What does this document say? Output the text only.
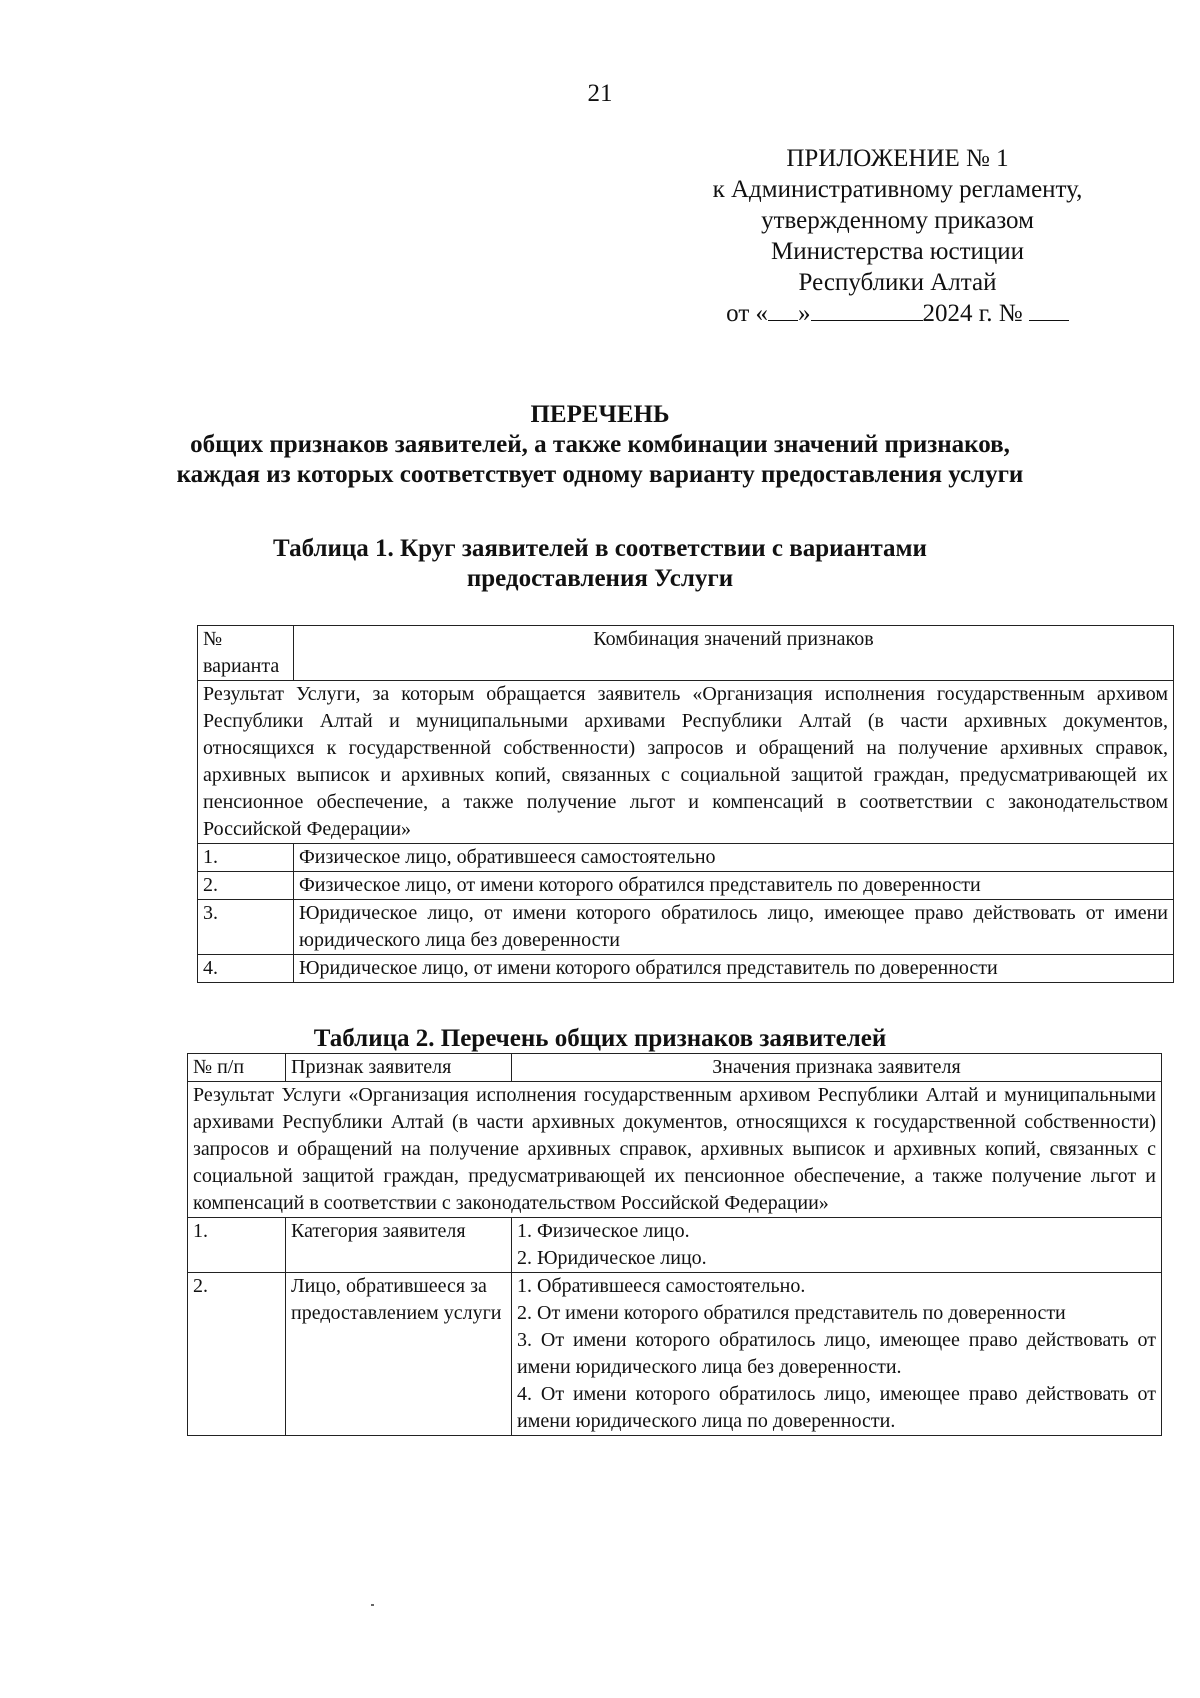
21
ПРИЛОЖЕНИЕ № 1
к Административному регламенту,
утвержденному приказом
Министерства юстиции
Республики Алтай
от « »	2024 г. №
ПЕРЕЧЕНЬ
общих признаков заявителей, а также комбинации значений признаков,
каждая из которых соответствует одному варианту предоставления услуги
Таблица 1. Круг заявителей в соответствии с вариантами
предоставления Услуги
№
варианта	Комбинация значений признаков
Результат Услуги, за которым обращается заявитель «Организация исполнения государственным архивом Республики Алтай и муниципальными архивами Республики Алтай (в части архивных документов, относящихся к государственной собственности) запросов и обращений на получение архивных справок, архивных выписок и архивных копий, связанных с социальной защитой граждан, предусматривающей их пенсионное обеспечение, а также получение льгот и компенсаций в соответствии с законодательством Российской Федерации»	
1.	Физическое лицо, обратившееся самостоятельно
2.	Физическое лицо, от имени которого обратился представитель по доверенности
3.	Юридическое лицо, от имени которого обратилось лицо, имеющее право действовать от имени юридического лица без доверенности
4.	Юридическое лицо, от имени которого обратился представитель по доверенности
Таблица 2. Перечень общих признаков заявителей
№ п/п	Признак заявителя	Значения признака заявителя
Результат Услуги «Организация исполнения государственным архивом Республики Алтай и муниципальными архивами Республики Алтай (в части архивных документов, относящихся к государственной собственности) запросов и обращений на получение архивных справок, архивных выписок и архивных копий, связанных с социальной защитой граждан, предусматривающей их пенсионное обеспечение, а также получение льгот и компенсаций в соответствии с законодательством Российской Федерации»		
1.	Категория заявителя	1. Физическое лицо.
2. Юридическое лицо.

2.	Лицо, обратившееся за предоставлением услуги	1. Обратившееся самостоятельно.
2. От имени которого обратился представитель по доверенности
3. От имени которого обратилось лицо, имеющее право действовать от имени юридического лица без доверенности.
4. От имени которого обратилось лицо, имеющее право действовать от имени юридического лица по доверенности.
